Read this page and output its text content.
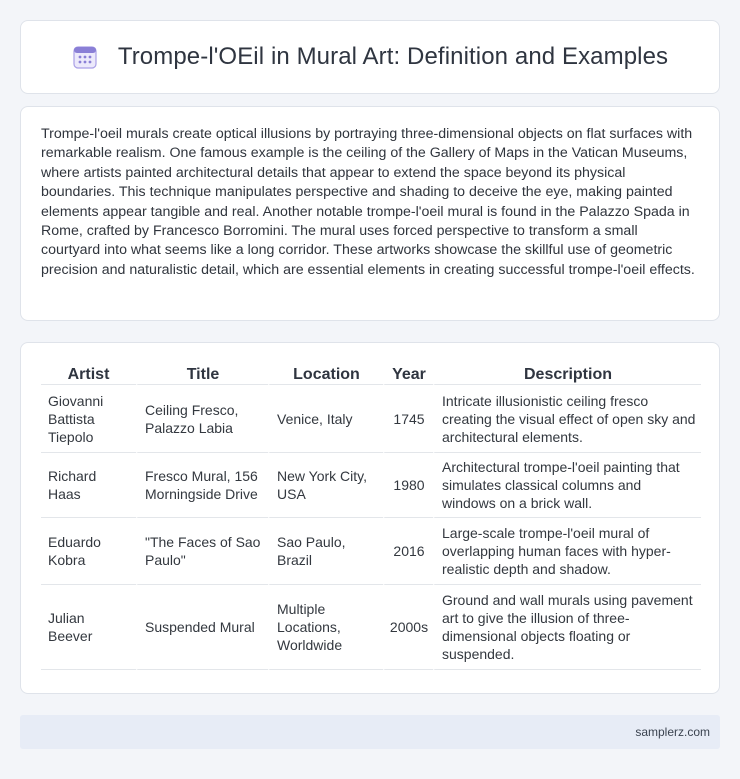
Trompe-l'OEil in Mural Art: Definition and Examples

Trompe-l'oeil murals create optical illusions by portraying three-dimensional objects on flat surfaces with remarkable realism. One famous example is the ceiling of the Gallery of Maps in the Vatican Museums, where artists painted architectural details that appear to extend the space beyond its physical boundaries. This technique manipulates perspective and shading to deceive the eye, making painted elements appear tangible and real. Another notable trompe-l'oeil mural is found in the Palazzo Spada in Rome, crafted by Francesco Borromini. The mural uses forced perspective to transform a small courtyard into what seems like a long corridor. These artworks showcase the skillful use of geometric precision and naturalistic detail, which are essential elements in creating successful trompe-l'oeil effects.

Artist	Title	Location	Year	Description
Giovanni Battista Tiepolo	Ceiling Fresco, Palazzo Labia	Venice, Italy	1745	Intricate illusionistic ceiling fresco creating the visual effect of open sky and architectural elements.
Richard Haas	Fresco Mural, 156 Morningside Drive	New York City, USA	1980	Architectural trompe-l'oeil painting that simulates classical columns and windows on a brick wall.
Eduardo Kobra	"The Faces of Sao Paulo"	Sao Paulo, Brazil	2016	Large-scale trompe-l'oeil mural of overlapping human faces with hyper-realistic depth and shadow.
Julian Beever	Suspended Mural	Multiple Locations, Worldwide	2000s	Ground and wall murals using pavement art to give the illusion of three-dimensional objects floating or suspended.
samplerz.com
